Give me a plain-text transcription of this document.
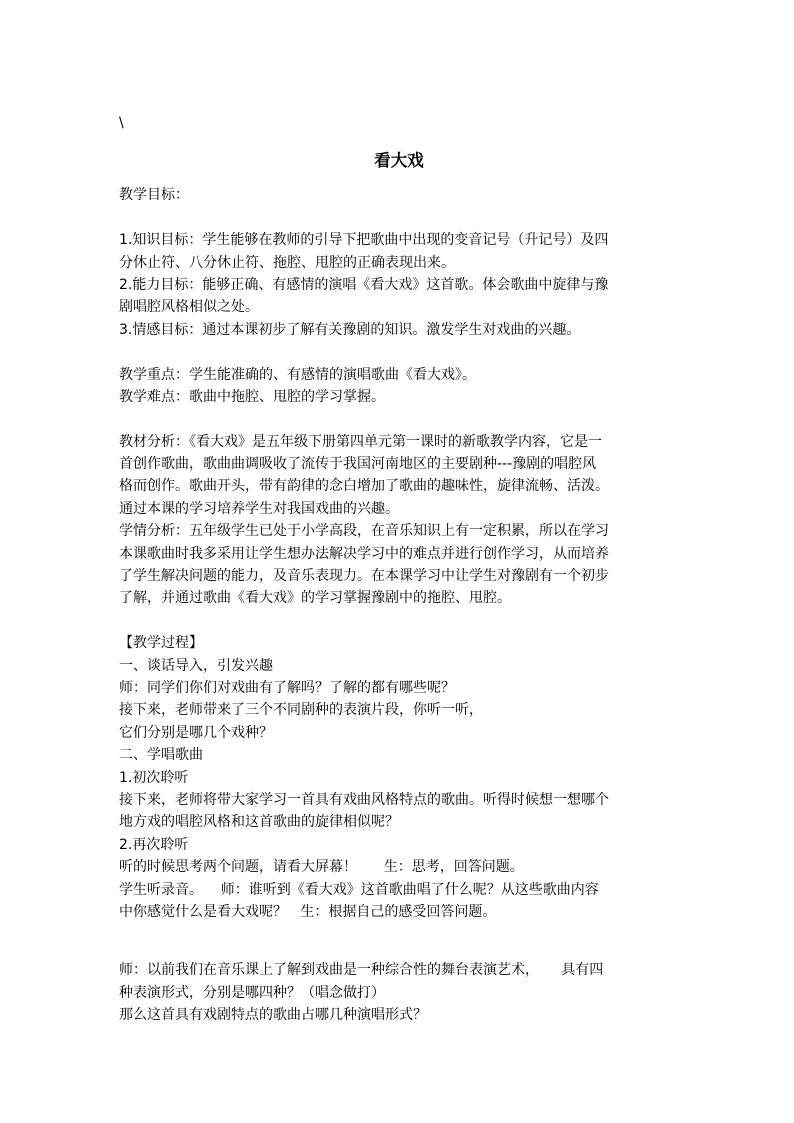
\
看大戏
教学目标：
1.知识目标：学生能够在教师的引导下把歌曲中出现的变音记号（升记号）及四
分休止符、八分休止符、拖腔、甩腔的正确表现出来。
2.能力目标：能够正确、有感情的演唱《看大戏》这首歌。体会歌曲中旋律与豫
剧唱腔风格相似之处。
3.情感目标：通过本课初步了解有关豫剧的知识。激发学生对戏曲的兴趣。
教学重点：学生能准确的、有感情的演唱歌曲《看大戏》。
教学难点：歌曲中拖腔、甩腔的学习掌握。
教材分析：《看大戏》是五年级下册第四单元第一课时的新歌教学内容，它是一
首创作歌曲，歌曲曲调吸收了流传于我国河南地区的主要剧种---豫剧的唱腔风
格而创作。歌曲开头，带有韵律的念白增加了歌曲的趣味性，旋律流畅、活泼。
通过本课的学习培养学生对我国戏曲的兴趣。
学情分析：五年级学生已处于小学高段，在音乐知识上有一定积累，所以在学习
本课歌曲时我多采用让学生想办法解决学习中的难点并进行创作学习，从而培养
了学生解决问题的能力，及音乐表现力。在本课学习中让学生对豫剧有一个初步
了解，并通过歌曲《看大戏》的学习掌握豫剧中的拖腔、甩腔。
【教学过程】
一、谈话导入，引发兴趣
师：同学们你们对戏曲有了解吗？了解的都有哪些呢？
接下来，老师带来了三个不同剧种的表演片段，你听一听，
它们分别是哪几个戏种？
二、学唱歌曲
1.初次聆听
接下来，老师将带大家学习一首具有戏曲风格特点的歌曲。听得时候想一想哪个
地方戏的唱腔风格和这首歌曲的旋律相似呢？
2.再次聆听
听的时候思考两个问题，请看大屏幕！      生：思考，回答问题。
学生听录音。    师：谁听到《看大戏》这首歌曲唱了什么呢？从这些歌曲内容
中你感觉什么是看大戏呢？   生：根据自己的感受回答问题。
师：以前我们在音乐课上了解到戏曲是一种综合性的舞台表演艺术，     具有四
种表演形式，分别是哪四种？（唱念做打）
那么这首具有戏剧特点的歌曲占哪几种演唱形式？
